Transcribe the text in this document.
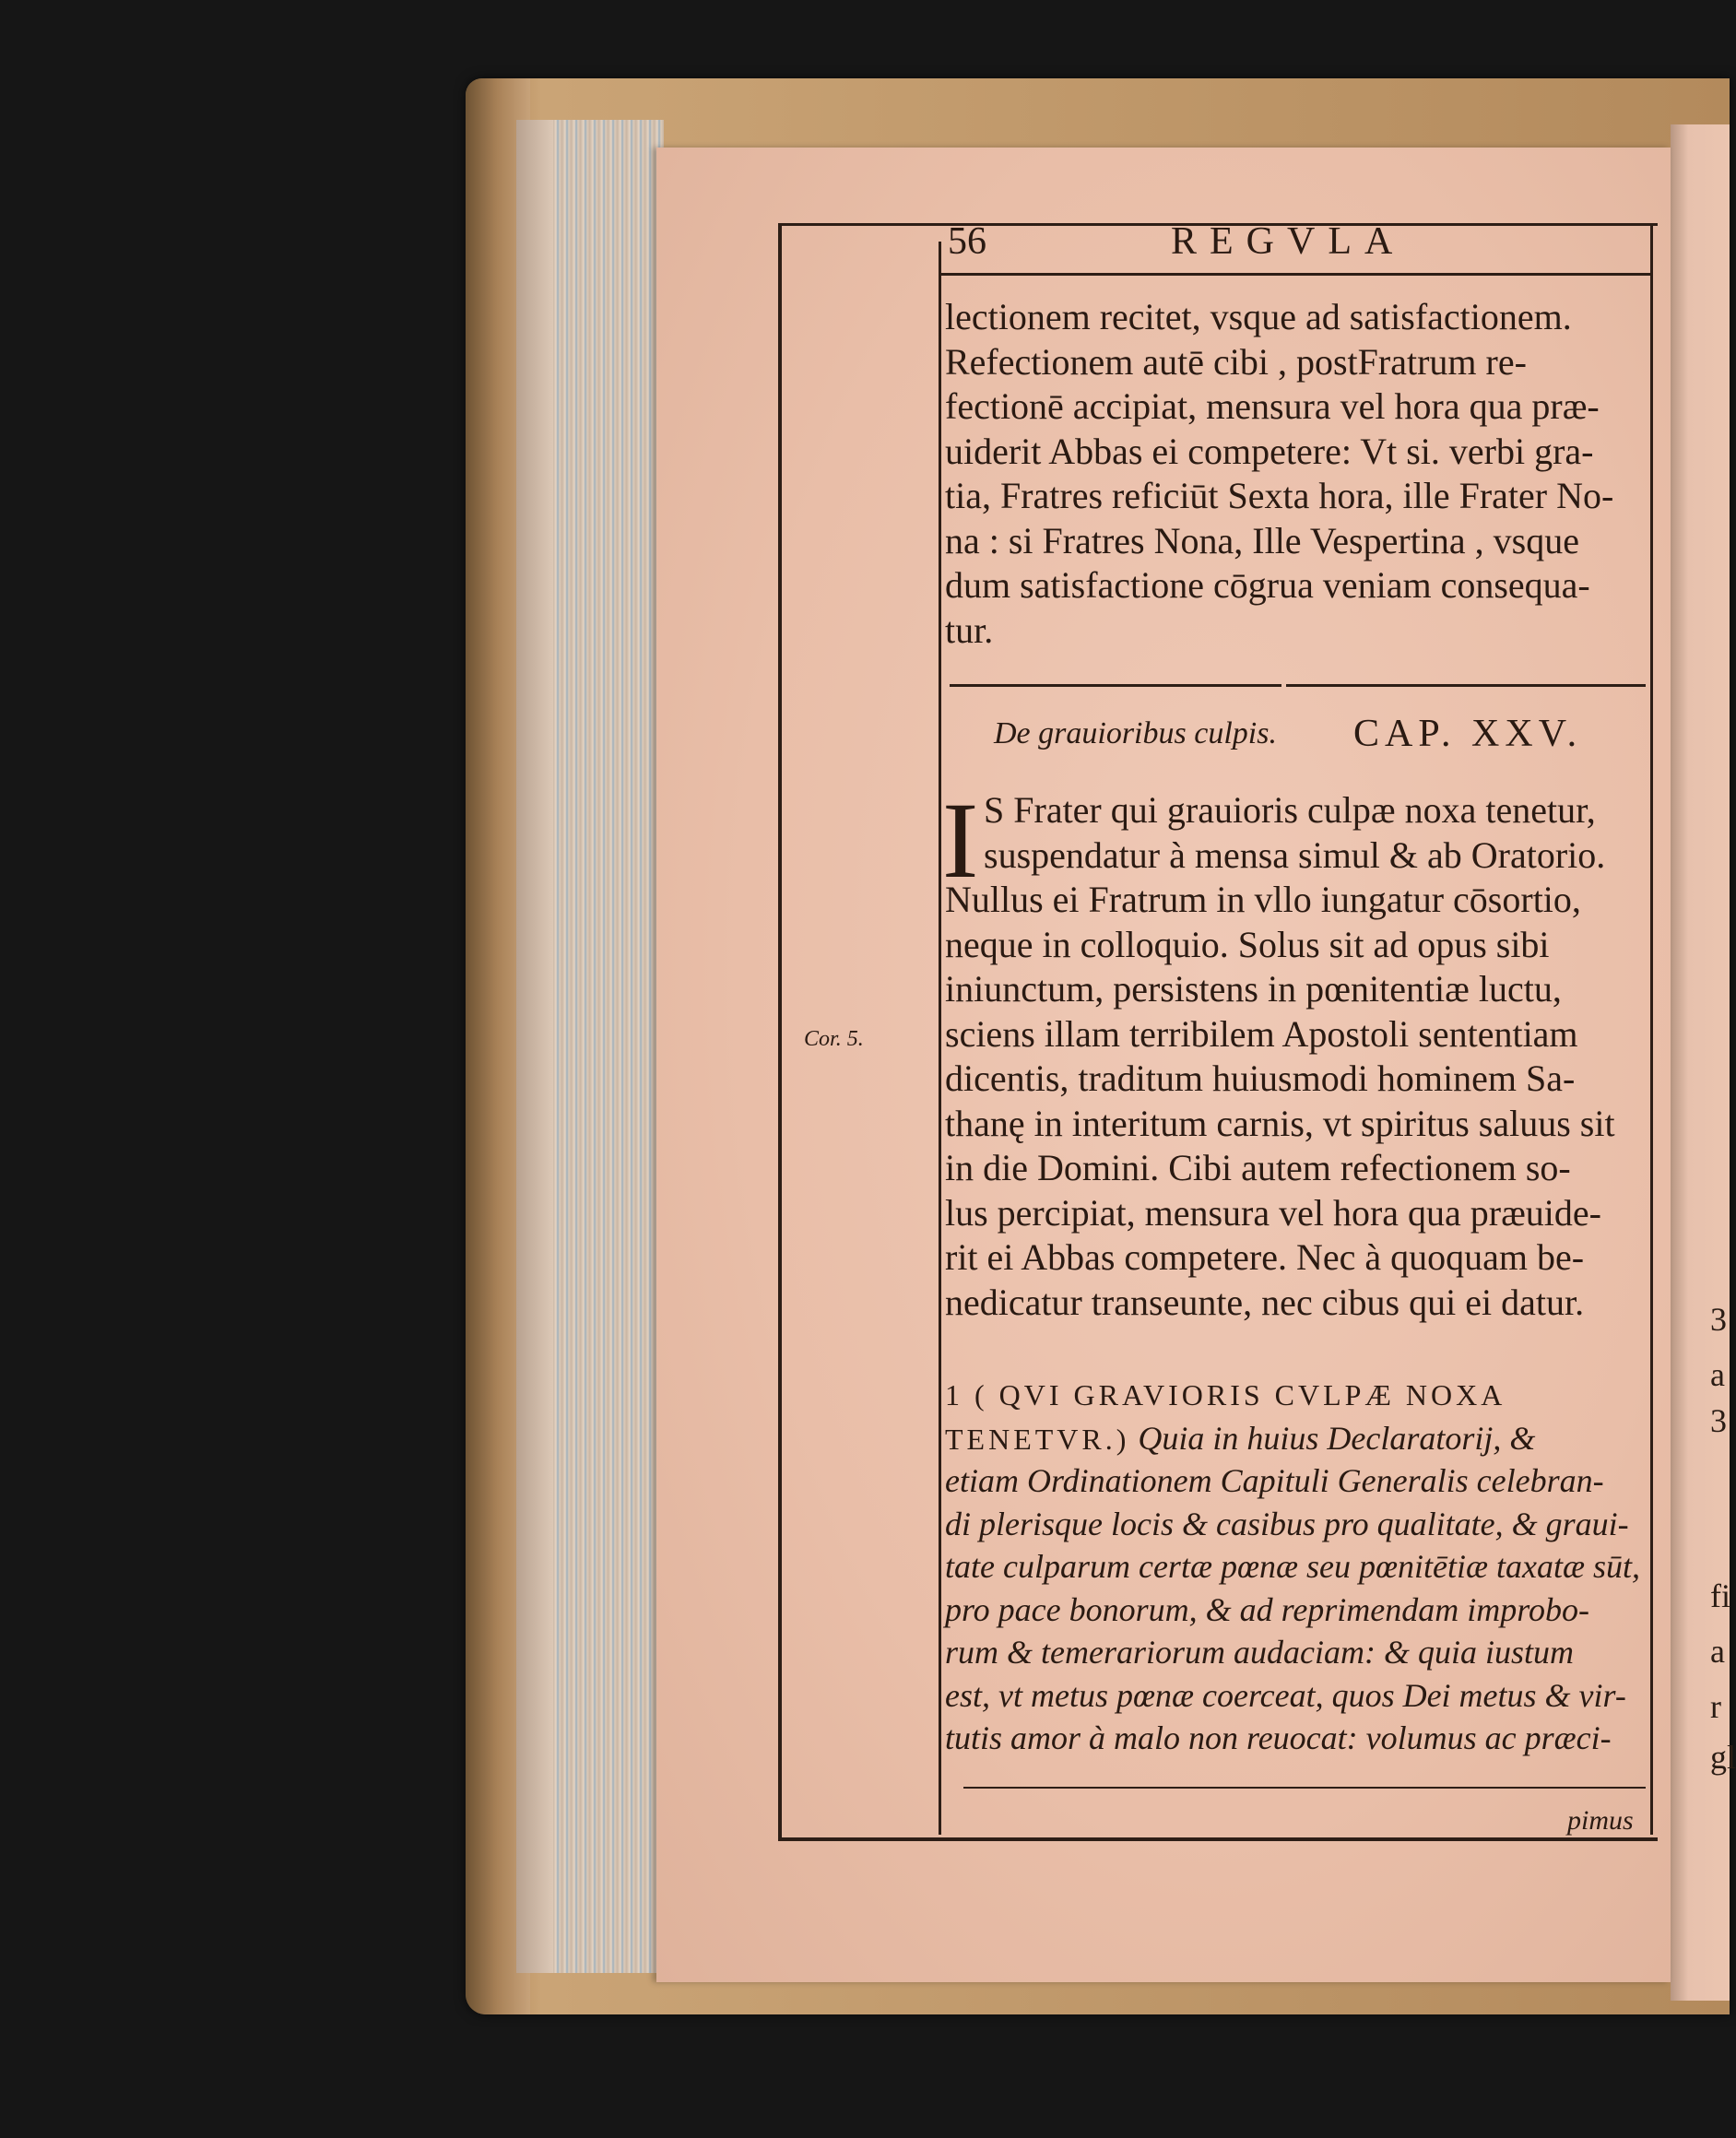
3
a
3
fi
a
r
gl
56	REGVLA
lectionem recitet, vsque ad satisfactionem.
Refectionem autē cibi , postFratrum re-
fectionē accipiat, mensura vel hora qua præ-
uiderit Abbas ei competere: Vt si. verbi gra-
tia, Fratres reficiūt Sexta hora, ille Frater No-
na : si Fratres Nona, Ille Vespertina , vsque
dum satisfactione cōgrua veniam consequa-
tur.
De grauioribus culpis. CAP. XXV.
I S Frater qui grauioris culpæ noxa tenetur,
suspendatur à mensa simul & ab Oratorio.
Nullus ei Fratrum in vllo iungatur cōsortio,
neque in colloquio. Solus sit ad opus sibi
iniunctum, persistens in pœnitentiæ luctu,
sciens illam terribilem Apostoli sententiam
dicentis, traditum huiusmodi hominem Sa-
thanę in interitum carnis, vt spiritus saluus sit
in die Domini. Cibi autem refectionem so-
lus percipiat, mensura vel hora qua præuide-
rit ei Abbas competere. Nec à quoquam be-
nedicatur transeunte, nec cibus qui ei datur.
Cor. 5.
1 ( QVI GRAVIORIS CVLPÆ NOXA
TENETVR.) Quia in huius Declaratorij, &
etiam Ordinationem Capituli Generalis celebran-
di plerisque locis & casibus pro qualitate, & graui-
tate culparum certæ pœnæ seu pœnitētiæ taxatæ sūt,
pro pace bonorum, & ad reprimendam improbo-
rum & temerariorum audaciam: & quia iustum
est, vt metus pœnæ coerceat, quos Dei metus & vir-
tutis amor à malo non reuocat: volumus ac præci-
pimus
